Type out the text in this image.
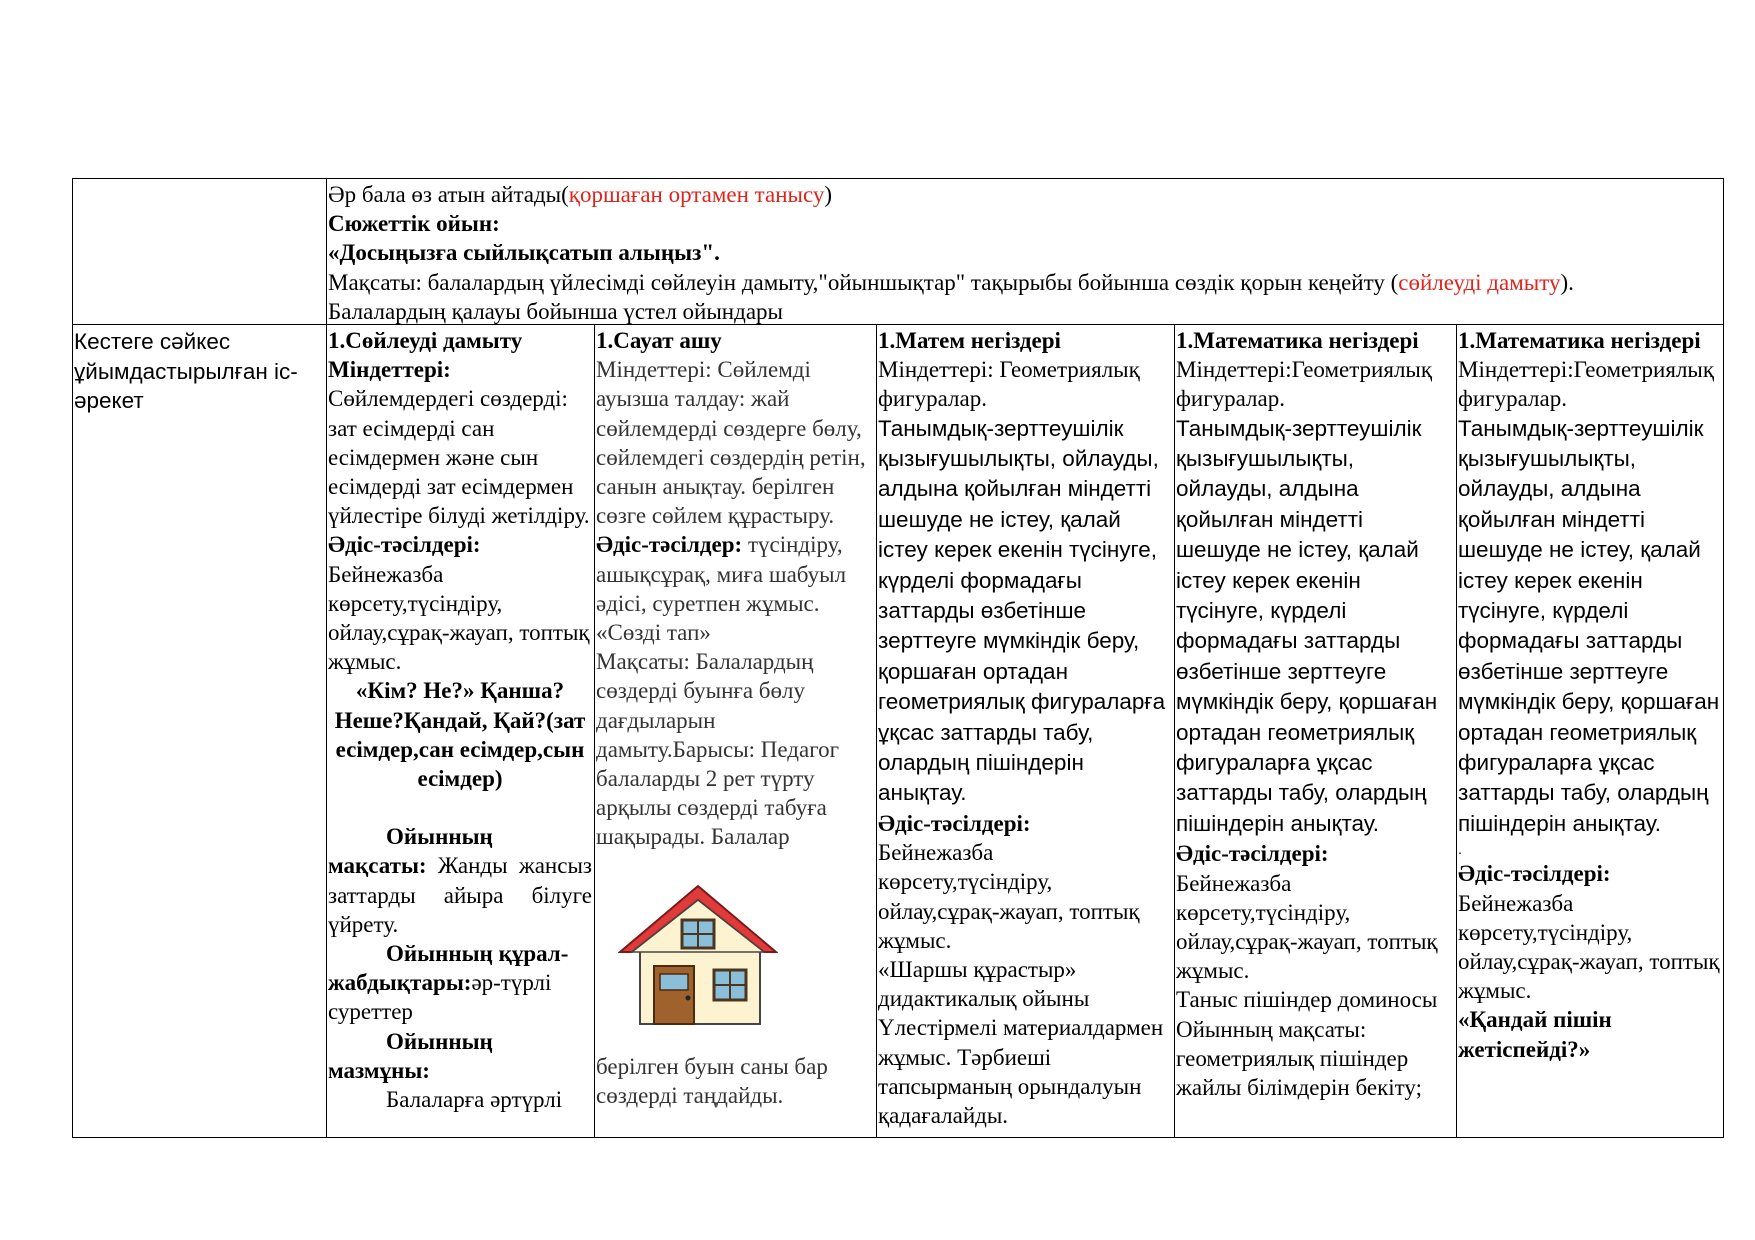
Әр бала өз атын айтады(қоршаған ортамен танысу)

Сюжеттік ойын:

«Досыңызға сыйлықсатып алыңыз".

Мақсаты: балалардың үйлесімді сөйлеуін дамыту,"ойыншықтар" тақырыбы бойынша сөздік қорын кеңейту (сөйлеуді дамыту).

Балалардың қалауы бойынша үстел ойындары

Кестеге сәйкес ұйымдастырылған іс-әрекет

1.Сөйлеуді дамыту

Міндеттері:

Сөйлемдердегі сөздерді: зат есімдерді сан есімдермен және сын есімдерді зат есімдермен үйлестіре білуді жетілдіру.

Әдіс-тәсілдері:

Бейнежазба көрсету,түсіндіру, ойлау,сұрақ-жауап, топтық жұмыс.

«Кім? Не?» Қанша?Неше?Қандай, Қай?(зат есімдер,сан есімдер,сын есімдер)

Ойынның мақсаты: Жанды жансыз заттарды айыра білуге үйрету.

Ойынның құрал-жабдықтары:әр-түрлі суреттер

Ойынның мазмұны:

Балаларға әртүрлі

1.Сауат ашу

Міндеттері: Сөйлемді ауызша талдау: жай сөйлемдерді сөздерге бөлу, сөйлемдегі сөздердің ретін, санын анықтау. берілген сөзге сөйлем құрастыру.

Әдіс-тәсілдер: түсіндіру, ашықсұрақ, миға шабуыл әдісі, суретпен жұмыс.

«Сөзді тап»

Мақсаты: Балалардың сөздерді буынға бөлу дағдыларын дамыту.Барысы: Педагог балаларды 2 рет түрту арқылы сөздерді табуға шақырады. Балалар

берілген буын саны бар сөздерді таңдайды.

1.Матем негіздері

Міндеттері: Геометриялық фигуралар.

Танымдық-зерттеушілік қызығушылықты, ойлауды, алдына қойылған міндетті шешуде не істеу, қалай істеу керек екенін түсінуге, күрделі формадағы заттарды өзбетінше зерттеуге мүмкіндік беру, қоршаған ортадан геометриялық фигураларға ұқсас заттарды табу, олардың пішіндерін анықтау.

Әдіс-тәсілдері:

Бейнежазба көрсету,түсіндіру, ойлау,сұрақ-жауап, топтық жұмыс.

«Шаршы құрастыр» дидактикалық ойыны Үлестірмелі материалдармен жұмыс. Тәрбиеші тапсырманың орындалуын қадағалайды.

1.Математика негіздері

Міндеттері:Геометриялық фигуралар.

Танымдық-зерттеушілік қызығушылықты, ойлауды, алдына қойылған міндетті шешуде не істеу, қалай істеу керек екенін түсінуге, күрделі формадағы заттарды өзбетінше зерттеуге мүмкіндік беру, қоршаған ортадан геометриялық фигураларға ұқсас заттарды табу, олардың пішіндерін анықтау.

Әдіс-тәсілдері:

Бейнежазба көрсету,түсіндіру, ойлау,сұрақ-жауап, топтық жұмыс.

Таныс пішіндер доминосы

Ойынның мақсаты: геометриялық пішіндер жайлы білімдерін бекіту;

1.Математика негіздері

Міндеттері:Геометриялық фигуралар.

Танымдық-зерттеушілік қызығушылықты, ойлауды, алдына қойылған міндетті шешуде не істеу, қалай істеу керек екенін түсінуге, күрделі формадағы заттарды өзбетінше зерттеуге мүмкіндік беру, қоршаған ортадан геометриялық фигураларға ұқсас заттарды табу, олардың пішіндерін анықтау.

.

Әдіс-тәсілдері:

Бейнежазба көрсету,түсіндіру, ойлау,сұрақ-жауап, топтық жұмыс.

«Қандай пішін жетіспейді?»
